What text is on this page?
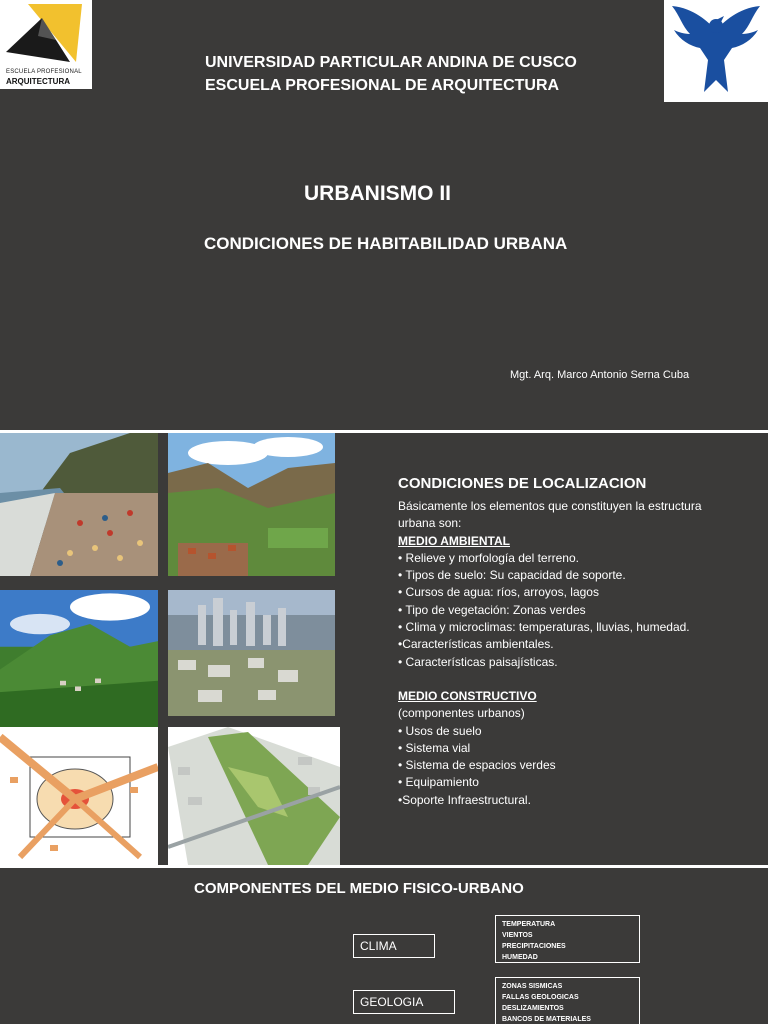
ESCUELA PROFESIONAL
ARQUITECTURA
UNIVERSIDAD PARTICULAR ANDINA DE CUSCO
ESCUELA PROFESIONAL DE ARQUITECTURA
URBANISMO II
CONDICIONES DE HABITABILIDAD URBANA
Mgt. Arq. Marco Antonio Serna Cuba
CONDICIONES DE LOCALIZACION
Básicamente los elementos que constituyen la estructura
urbana son:
MEDIO AMBIENTAL
• Relieve y morfología del terreno.
• Tipos de suelo: Su capacidad de soporte.
• Cursos de agua: ríos, arroyos, lagos
• Tipo de vegetación: Zonas verdes
• Clima y microclimas: temperaturas, lluvias, humedad.
•Características ambientales.
• Características paisajísticas.
MEDIO CONSTRUCTIVO
(componentes urbanos)
• Usos de suelo
• Sistema vial
• Sistema de espacios verdes
• Equipamiento
•Soporte Infraestructural.
COMPONENTES DEL MEDIO FISICO-URBANO
CLIMA
TEMPERATURA
VIENTOS
PRECIPITACIONES
HUMEDAD
GEOLOGIA
ZONAS SISMICAS
FALLAS GEOLOGICAS
DESLIZAMIENTOS
BANCOS DE MATERIALES
